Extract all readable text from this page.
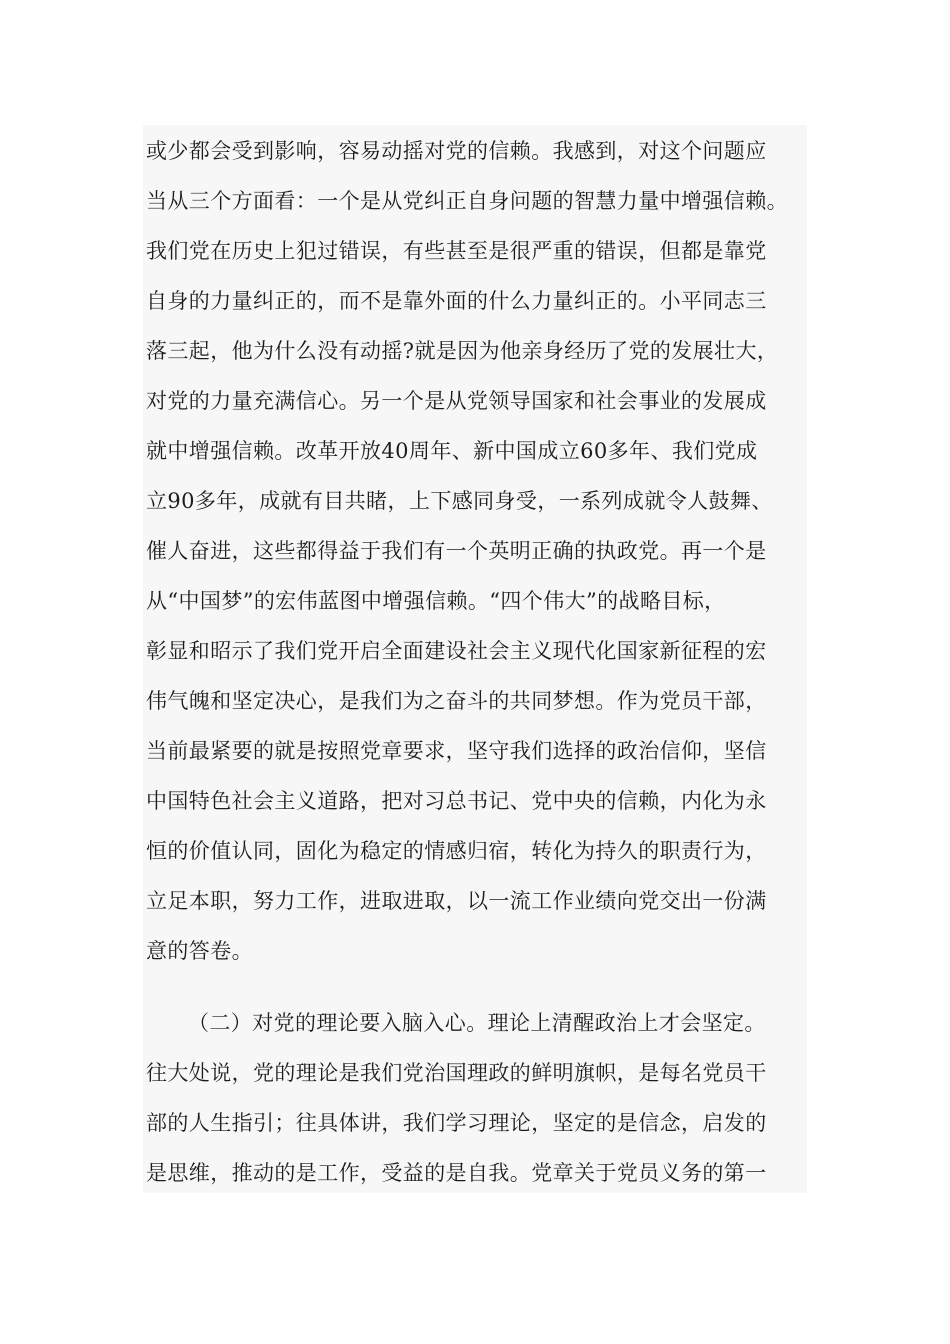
或少都会受到影响，容易动摇对党的信赖。我感到，对这个问题应
当从三个方面看：一个是从党纠正自身问题的智慧力量中增强信赖。
我们党在历史上犯过错误，有些甚至是很严重的错误，但都是靠党
自身的力量纠正的，而不是靠外面的什么力量纠正的。小平同志三
落三起，他为什么没有动摇?就是因为他亲身经历了党的发展壮大，
对党的力量充满信心。另一个是从党领导国家和社会事业的发展成
就中增强信赖。改革开放40周年、新中国成立60多年、我们党成
立90多年，成就有目共睹，上下感同身受，一系列成就令人鼓舞、
催人奋进，这些都得益于我们有一个英明正确的执政党。再一个是
从“中国梦”的宏伟蓝图中增强信赖。“四个伟大”的战略目标，
彰显和昭示了我们党开启全面建设社会主义现代化国家新征程的宏
伟气魄和坚定决心，是我们为之奋斗的共同梦想。作为党员干部，
当前最紧要的就是按照党章要求，坚守我们选择的政治信仰，坚信
中国特色社会主义道路，把对习总书记、党中央的信赖，内化为永
恒的价值认同，固化为稳定的情感归宿，转化为持久的职责行为，
立足本职，努力工作，进取进取，以一流工作业绩向党交出一份满
意的答卷。
（二）对党的理论要入脑入心。理论上清醒政治上才会坚定。
往大处说，党的理论是我们党治国理政的鲜明旗帜，是每名党员干
部的人生指引；往具体讲，我们学习理论，坚定的是信念，启发的
是思维，推动的是工作，受益的是自我。党章关于党员义务的第一
